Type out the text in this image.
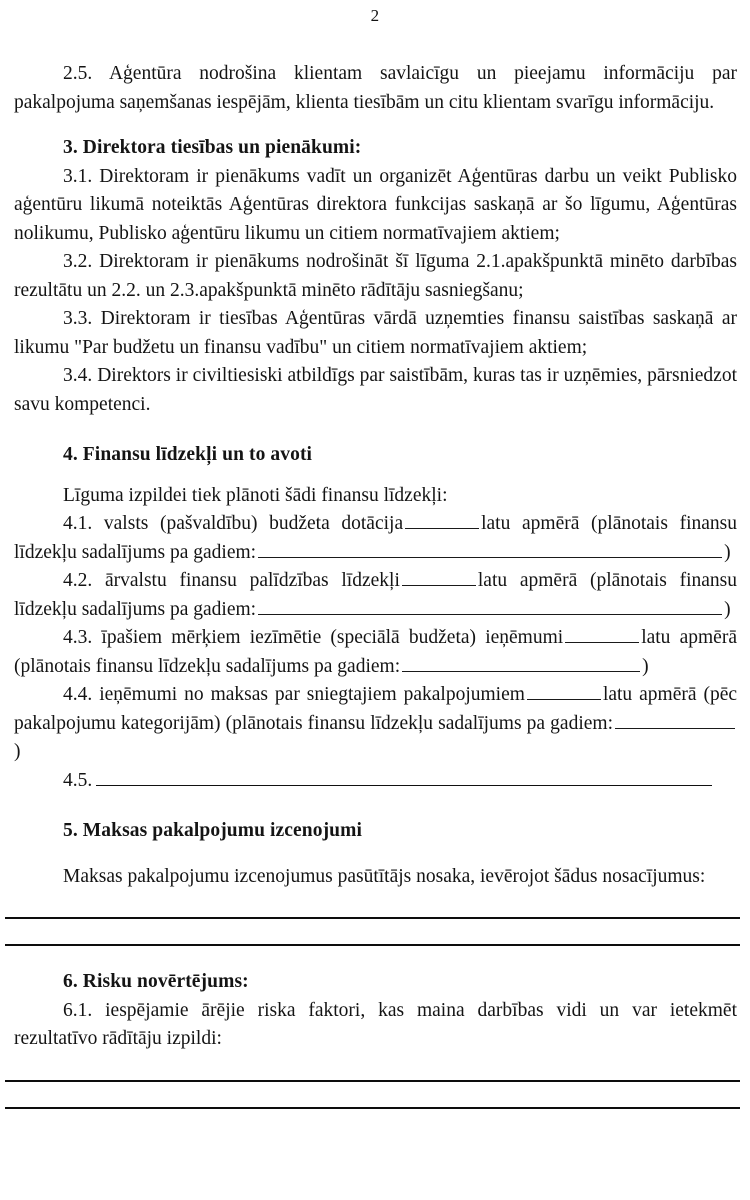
2

2.5. Aģentūra nodrošina klientam savlaicīgu un pieejamu informāciju par pakalpojuma saņemšanas iespējām, klienta tiesībām un citu klientam svarīgu informāciju.

3. Direktora tiesības un pienākumi:

3.1. Direktoram ir pienākums vadīt un organizēt Aģentūras darbu un veikt Publisko aģentūru likumā noteiktās Aģentūras direktora funkcijas saskaņā ar šo līgumu, Aģentūras nolikumu, Publisko aģentūru likumu un citiem normatīvajiem aktiem;

3.2. Direktoram ir pienākums nodrošināt šī līguma 2.1.apakšpunktā minēto darbības rezultātu un 2.2. un 2.3.apakšpunktā minēto rādītāju sasniegšanu;

3.3. Direktoram ir tiesības Aģentūras vārdā uzņemties finansu saistības saskaņā ar likumu "Par budžetu un finansu vadību" un citiem normatīvajiem aktiem;

3.4. Direktors ir civiltiesiski atbildīgs par saistībām, kuras tas ir uzņēmies, pārsniedzot savu kompetenci.

4. Finansu līdzekļi un to avoti

Līguma izpildei tiek plānoti šādi finansu līdzekļi:

4.1. valsts (pašvaldību) budžeta dotācija	latu apmērā (plānotais finansu līdzekļu sadalījums pa gadiem:	)

4.2. ārvalstu finansu palīdzības līdzekļi	latu apmērā (plānotais finansu līdzekļu sadalījums pa gadiem:	)

4.3. īpašiem mērķiem iezīmētie (speciālā budžeta) ieņēmumi	latu apmērā (plānotais finansu līdzekļu sadalījums pa gadiem:	)

4.4. ieņēmumi no maksas par sniegtajiem pakalpojumiem	latu apmērā (pēc pakalpojumu kategorijām) (plānotais finansu līdzekļu sadalījums pa gadiem:)

4.5.

5. Maksas pakalpojumu izcenojumi

Maksas pakalpojumu izcenojumus pasūtītājs nosaka, ievērojot šādus nosacījumus:

6. Risku novērtējums:

6.1. iespējamie ārējie riska faktori, kas maina darbības vidi un var ietekmēt rezultatīvo rādītāju izpildi:
